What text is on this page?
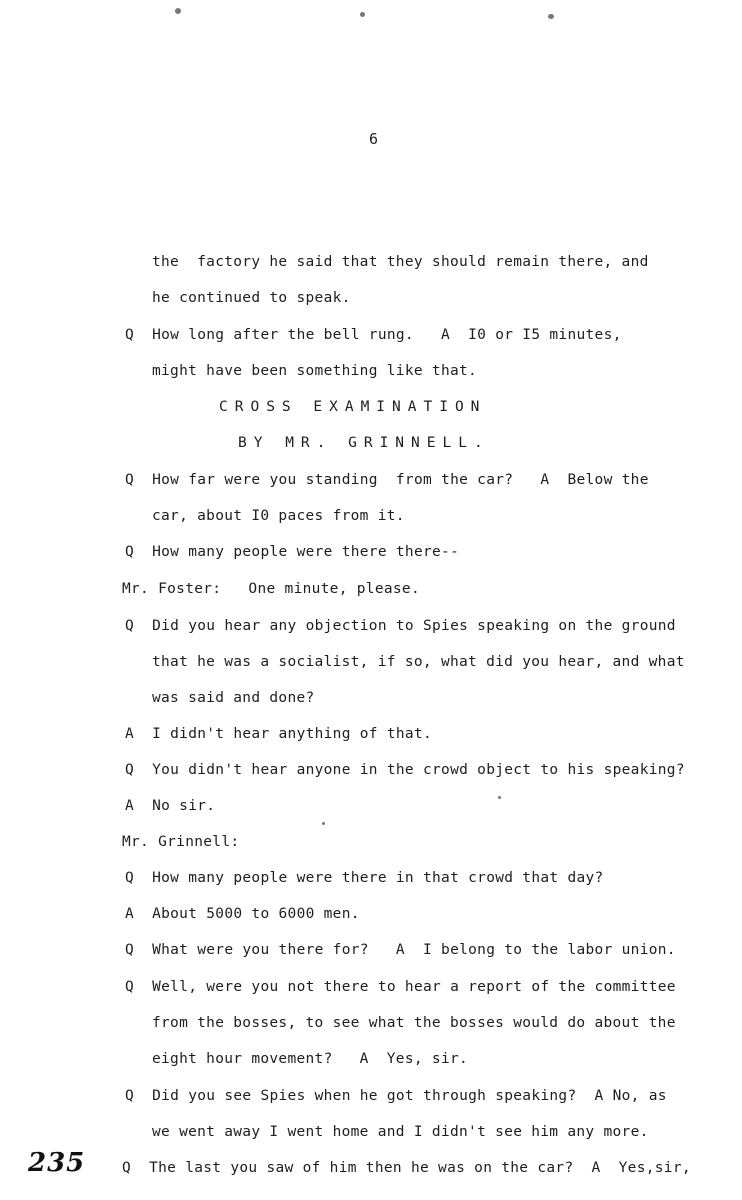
6
the  factory he said that they should remain there, and
he continued to speak.
Q  How long after the bell rung.   A  I0 or I5 minutes,
might have been something like that.
CROSS EXAMINATION
BY MR. GRINNELL.
Q  How far were you standing  from the car?   A  Below the
car, about I0 paces from it.
Q  How many people were there there--
Mr. Foster:   One minute, please.
Q  Did you hear any objection to Spies speaking on the ground
that he was a socialist, if so, what did you hear, and what
was said and done?
A  I didn't hear anything of that.
Q  You didn't hear anyone in the crowd object to his speaking?
A  No sir.
Mr. Grinnell:
Q  How many people were there in that crowd that day?
A  About 5000 to 6000 men.
Q  What were you there for?   A  I belong to the labor union.
Q  Well, were you not there to hear a report of the committee
from the bosses, to see what the bosses would do about the
eight hour movement?   A  Yes, sir.
Q  Did you see Spies when he got through speaking?  A No, as
we went away I went home and I didn't see him any more.
Q  The last you saw of him then he was on the car?  A  Yes,sir,
235
